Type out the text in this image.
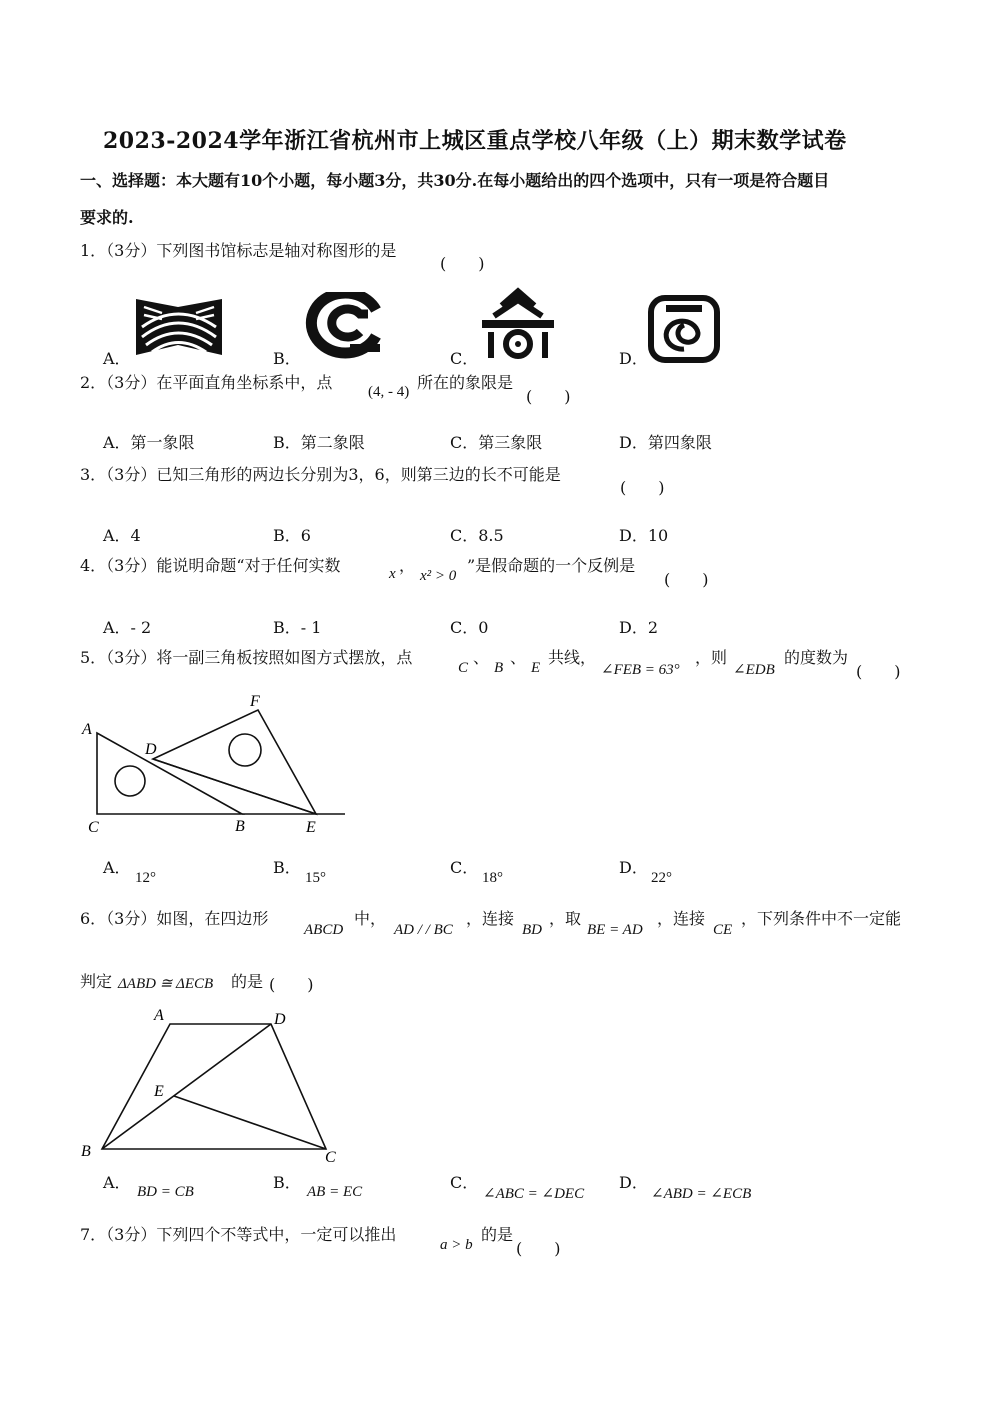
2023-2024学年浙江省杭州市上城区重点学校八年级（上）期末数学试卷
一、选择题：本大题有10个小题，每小题3分，共30分.在每小题给出的四个选项中，只有一项是符合题目
要求的.
1．（3分）下列图书馆标志是轴对称图形的是
(　　)
A．	B．	C．	D．
2．（3分）在平面直角坐标系中，点 (4, - 4) 所在的象限是
(　　)
A．第一象限	B．第二象限	C．第三象限	D．第四象限
3．（3分）已知三角形的两边长分别为3，6，则第三边的长不可能是
(　　)
A．4	B．6	C．8.5	D．10
4．（3分）能说明命题“对于任何实数	x ，
x² > 0
”是假命题的一个反例是
(　　)
A．- 2	B．- 1	C．0	D．2
5．（3分）将一副三角板按照如图方式摆放，点
C
、
B
、
E
共线，
∠FEB = 63°
，则
∠EDB
的度数为
(　　)
A
D
F
C	B	E
A．
12°
B．
15°
C．
18°
D．
22°
6．（3分）如图，在四边形
ABCD
中，
AD / / BC
，连接
BD
，取
BE = AD
，连接
CE
，下列条件中不一定能
判定 ΔABD ≅ ΔECB 的是 (　　)
A	D
E
B	C
A． BD = CB	B． AB = EC	C．
∠ABC = ∠DEC
D．
∠ABD = ∠ECB
7．（3分）下列四个不等式中，一定可以推出
a > b
的是
(　　)
